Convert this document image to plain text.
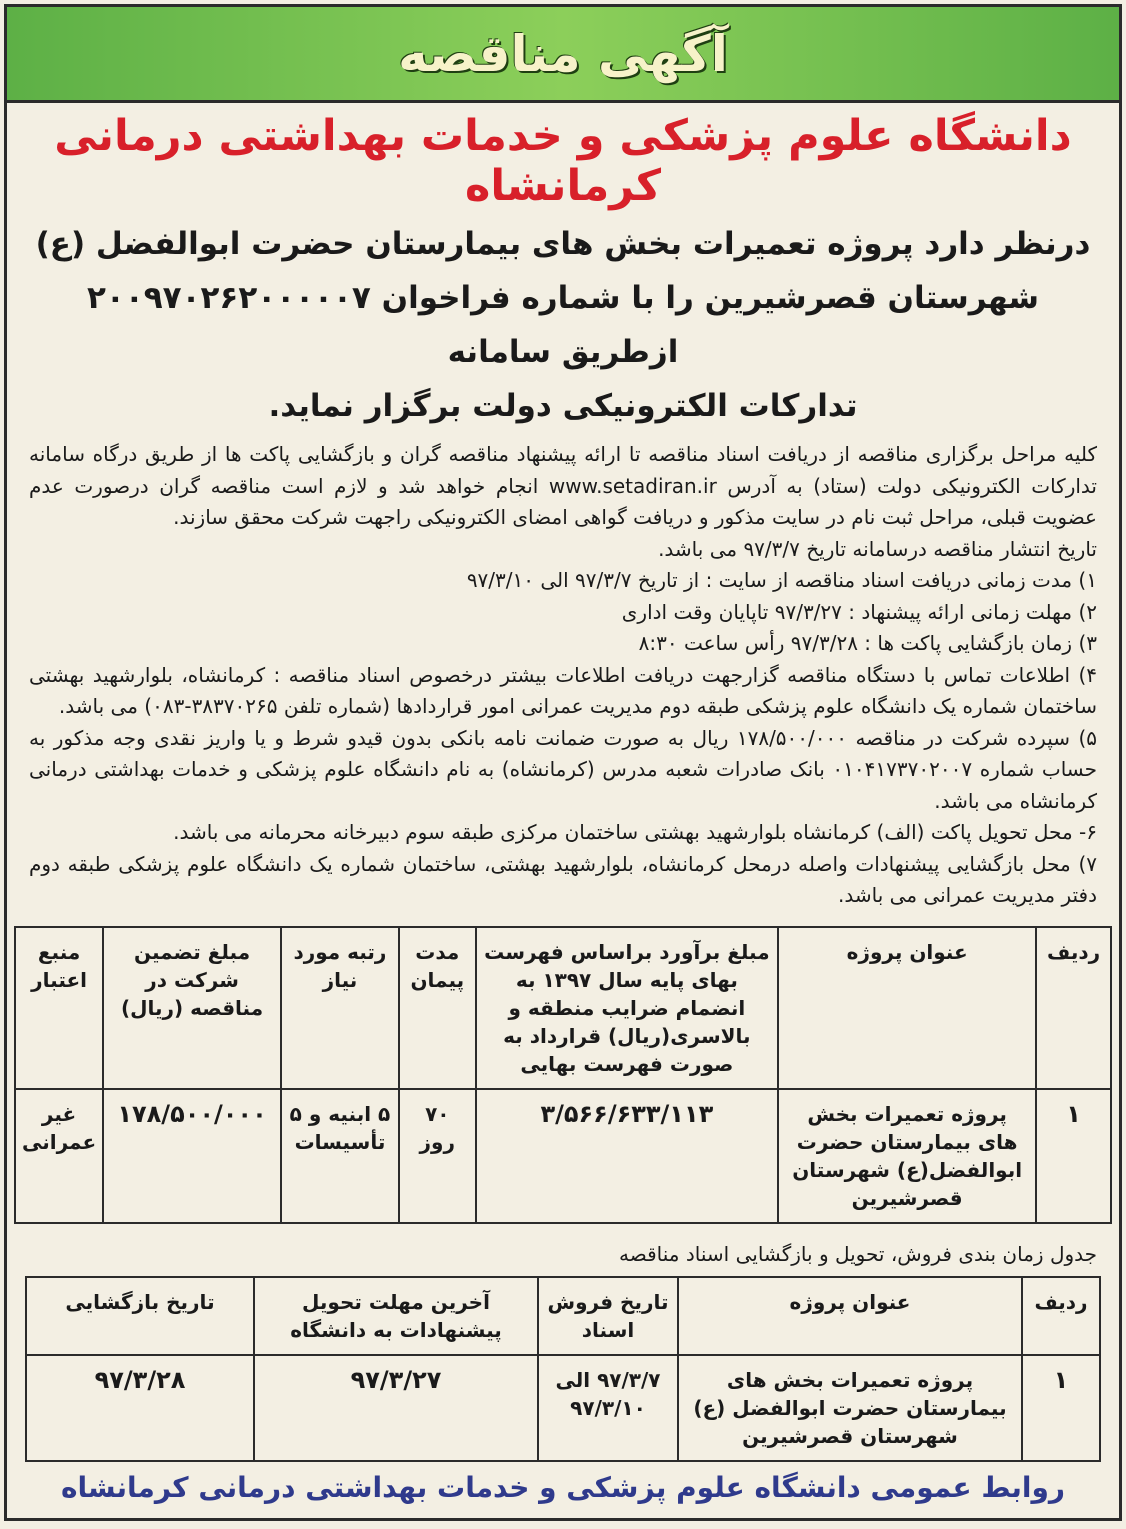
آگهی مناقصه
دانشگاه علوم پزشکی و خدمات بهداشتی درمانی کرمانشاه
درنظر دارد پروژه تعمیرات بخش های بیمارستان حضرت ابوالفضل (ع)
شهرستان قصرشیرین را با شماره فراخوان ۲۰۰۹۷۰۲۶۲۰۰۰۰۰۷ ازطریق سامانه
تدارکات الکترونیکی دولت برگزار نماید.

کلیه مراحل برگزاری مناقصه از دریافت اسناد مناقصه تا ارائه پیشنهاد مناقصه گران و بازگشایی پاکت ها از طریق درگاه سامانه تدارکات الکترونیکی دولت (ستاد) به آدرس www.setadiran.ir انجام خواهد شد و لازم است مناقصه گران درصورت عدم عضویت قبلی، مراحل ثبت نام در سایت مذکور و دریافت گواهی امضای الکترونیکی راجهت شرکت محقق سازند.

تاریخ انتشار مناقصه درسامانه تاریخ ۹۷/۳/۷ می باشد.

۱) مدت زمانی دریافت اسناد مناقصه از سایت : از تاریخ ۹۷/۳/۷ الی ۹۷/۳/۱۰

۲) مهلت زمانی ارائه پیشنهاد : ۹۷/۳/۲۷ تاپایان وقت اداری

۳) زمان بازگشایی پاکت ها : ۹۷/۳/۲۸ رأس ساعت ۸:۳۰

۴) اطلاعات تماس با دستگاه مناقصه گزارجهت دریافت اطلاعات بیشتر درخصوص اسناد مناقصه : کرمانشاه، بلوارشهید بهشتی ساختمان شماره یک دانشگاه علوم پزشکی طبقه دوم مدیریت عمرانی امور قراردادها (شماره تلفن ۳۸۳۷۰۲۶۵-۰۸۳) می باشد.

۵) سپرده شرکت در مناقصه ۱۷۸/۵۰۰/۰۰۰ ریال به صورت ضمانت نامه بانکی بدون قیدو شرط و یا واریز نقدی وجه مذکور به حساب شماره ۰۱۰۴۱۷۳۷۰۲۰۰۷ بانک صادرات شعبه مدرس (کرمانشاه) به نام دانشگاه علوم پزشکی و خدمات بهداشتی درمانی کرمانشاه می باشد.

۶- محل تحویل پاکت (الف) کرمانشاه بلوارشهید بهشتی ساختمان مرکزی طبقه سوم دبیرخانه محرمانه می باشد.

۷) محل بازگشایی پیشنهادات واصله درمحل کرمانشاه، بلوارشهید بهشتی، ساختمان شماره یک دانشگاه علوم پزشکی طبقه دوم دفتر مدیریت عمرانی می باشد.

ردیف	عنوان پروژه	مبلغ برآورد براساس فهرست بهای پایه سال ۱۳۹۷ به انضمام ضرایب منطقه و بالاسری(ریال) قرارداد به صورت فهرست بهایی	مدت پیمان	رتبه مورد نیاز	مبلغ تضمین شرکت در مناقصه (ریال)	منبع اعتبار
۱	پروژه تعمیرات بخش های بیمارستان حضرت ابوالفضل(ع) شهرستان قصرشیرین	۳/۵۶۶/۶۳۳/۱۱۳	۷۰ روز	۵ ابنیه و ۵ تأسیسات	۱۷۸/۵۰۰/۰۰۰	غیر عمرانی
جدول زمان بندی فروش، تحویل و بازگشایی اسناد مناقصه
ردیف	عنوان پروژه	تاریخ فروش اسناد	آخرین مهلت تحویل پیشنهادات به دانشگاه	تاریخ بازگشایی
۱	پروژه تعمیرات بخش های بیمارستان حضرت ابوالفضل (ع) شهرستان قصرشیرین	۹۷/۳/۷ الی ۹۷/۳/۱۰	۹۷/۳/۲۷	۹۷/۳/۲۸
روابط عمومی دانشگاه علوم پزشکی و خدمات بهداشتی درمانی کرمانشاه
